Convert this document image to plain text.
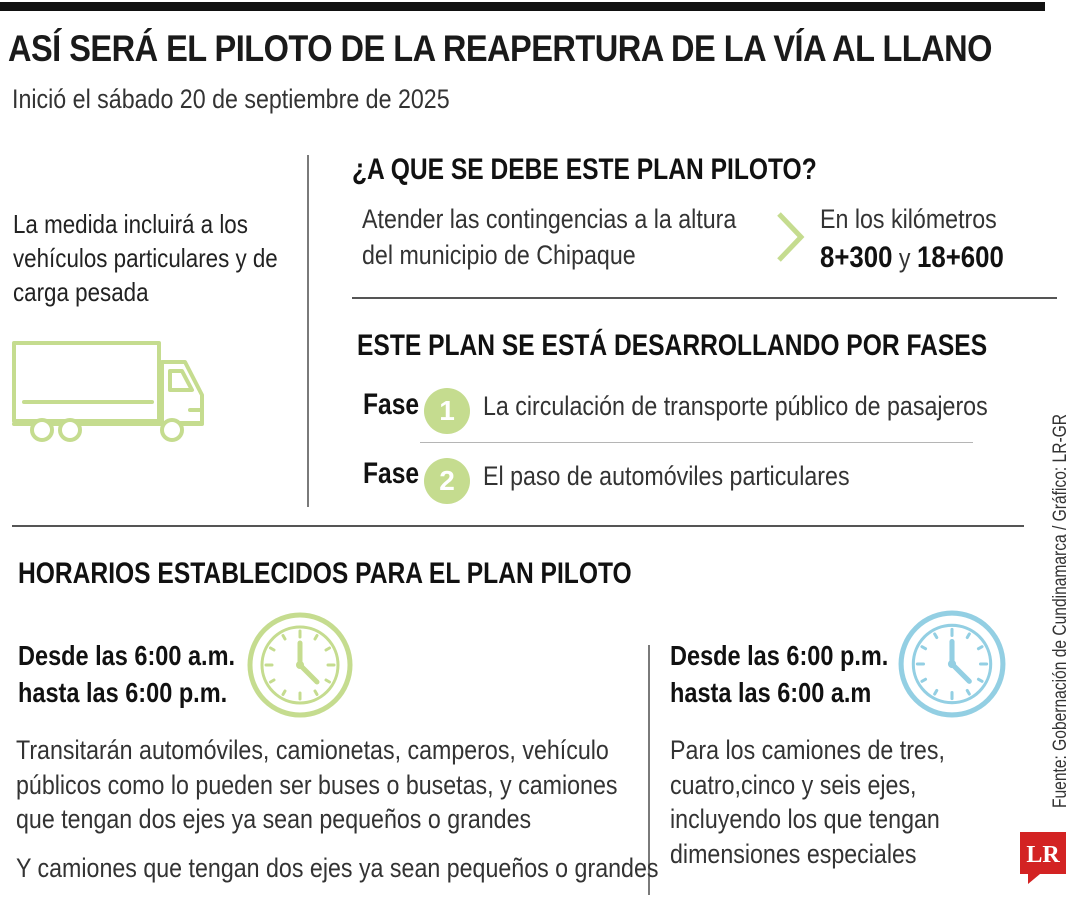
ASÍ SERÁ EL PILOTO DE LA REAPERTURA DE LA VÍA AL LLANO
Inició el sábado 20 de septiembre de 2025
La medida incluirá a los vehículos particulares y de carga pesada
¿A QUE SE DEBE ESTE PLAN PILOTO?
Atender las contingencias a la altura del municipio de Chipaque
En los kilómetros
8+300 y 18+600
ESTE PLAN SE ESTÁ DESARROLLANDO POR FASES
Fase 1	La circulación de transporte público de pasajeros
Fase 2	El paso de automóviles particulares
HORARIOS ESTABLECIDOS PARA EL PLAN PILOTO
Desde las 6:00 a.m.
hasta las 6:00 p.m.
Transitarán automóviles, camionetas, camperos, vehículo públicos como lo pueden ser buses o busetas, y camiones que tengan dos ejes ya sean pequeños o grandes
Y camiones que tengan dos ejes ya sean pequeños o grandes
Desde las 6:00 p.m.
hasta las 6:00 a.m
Para los camiones de tres, cuatro,cinco y seis ejes, incluyendo los que tengan dimensiones especiales
Fuente: Gobernación de Cundinamarca / Gráfico: LR-GR
LR
